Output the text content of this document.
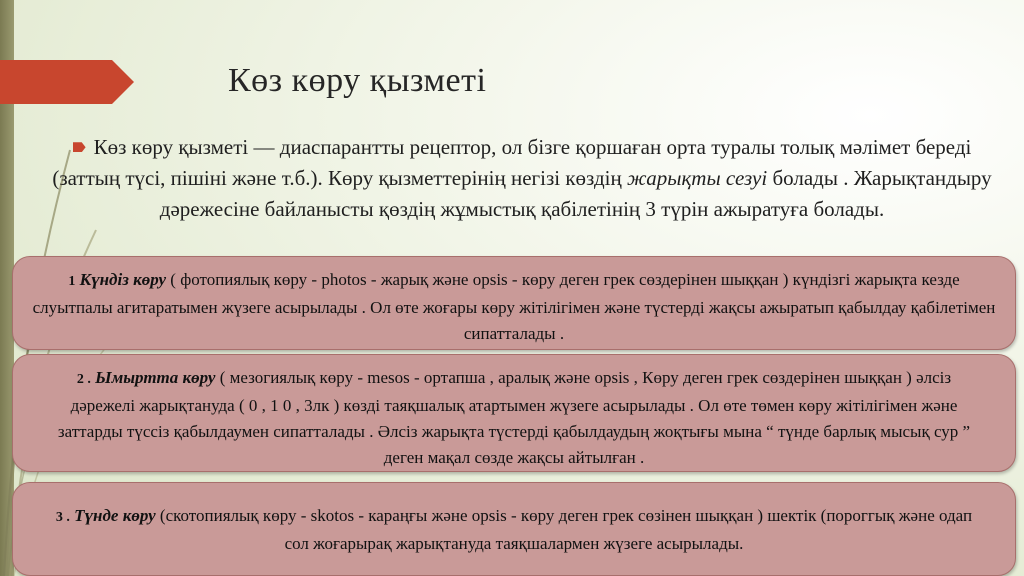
Көз көру қызметі
Көз көру қызметі — диаспарантты рецептор, ол бізге қоршаған орта туралы толық мәлімет береді (заттың түсі, пішіні және т.б.). Көру қызметтерінің негізі көздің жарықты сезуі болады . Жарықтандыру дәрежесіне байланысты қөздің жұмыстық қабілетінің 3 түрін ажыратуға болады.
1 Күндіз көру ( фотопиялық көру - photos - жарық және opsis - көру деген грек сөздерінен шыққан ) күндізгі жарықта кезде слуытпалы агитаратымен жүзеге асырылады . Ол өте жоғары көру жітілігімен және түстерді жақсы ажыратып қабылдау қабілетімен сипатталады .
2 . Ымыртта көру ( мезогиялық көру - mesos - ортапша , аралық және opsis , Көру деген грек сөздерінен шыққан ) әлсіз дәрежелі жарықтануда ( 0 , 1 0 , 3лк ) көзді таяқшалық атартымен жүзеге асырылады . Ол өте төмен көру жітілігімен және заттарды түссіз қабылдаумен сипатталады . Әлсіз жарықта түстерді қабылдаудың жоқтығы мына “ түнде барлық мысық сур ” деген мақал сөзде жақсы айтылған .
3 . Түнде көру (скотопиялық көру - skotos - караңғы және opsis - көру деген грек сөзінен шыққан ) шектік (пороггық және одап сол жоғарырақ жарықтануда таяқшалармен жүзеге асырылады.
